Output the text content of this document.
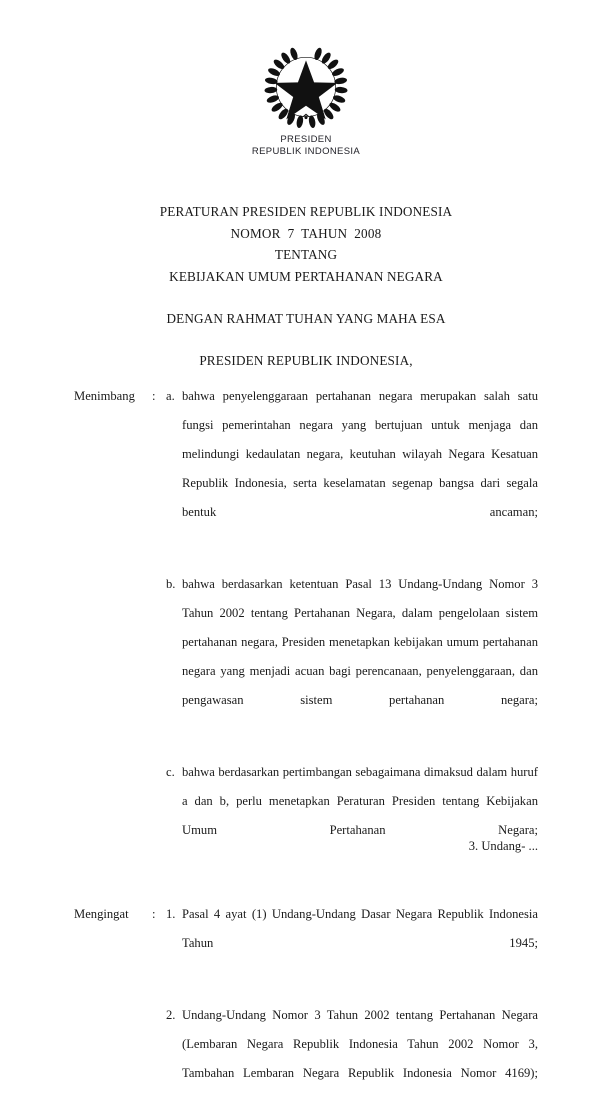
PRESIDEN
REPUBLIK INDONESIA
PERATURAN PRESIDEN REPUBLIK INDONESIA
NOMOR  7  TAHUN  2008
TENTANG
KEBIJAKAN UMUM PERTAHANAN NEGARA
DENGAN RAHMAT TUHAN YANG MAHA ESA
PRESIDEN REPUBLIK INDONESIA,
Menimbang	: a. bahwa penyelenggaraan pertahanan negara merupakan salah satu fungsi pemerintahan negara yang bertujuan untuk menjaga dan melindungi kedaulatan negara, keutuhan wilayah Negara Kesatuan Republik Indonesia, serta keselamatan segenap bangsa dari segala bentuk ancaman;
b. bahwa berdasarkan ketentuan Pasal 13 Undang-Undang Nomor 3 Tahun 2002 tentang Pertahanan Negara, dalam pengelolaan sistem pertahanan negara, Presiden menetapkan kebijakan umum pertahanan negara yang menjadi acuan bagi perencanaan, penyelenggaraan, dan pengawasan sistem pertahanan negara;
c. bahwa berdasarkan pertimbangan sebagaimana dimaksud dalam huruf a dan b, perlu menetapkan Peraturan Presiden tentang Kebijakan Umum Pertahanan Negara;
Mengingat	: 1. Pasal 4 ayat (1) Undang-Undang Dasar Negara Republik Indonesia Tahun 1945;
2. Undang-Undang Nomor 3 Tahun 2002 tentang Pertahanan Negara (Lembaran Negara Republik Indonesia Tahun 2002 Nomor 3, Tambahan Lembaran Negara Republik Indonesia Nomor 4169);
3. Undang- ...
